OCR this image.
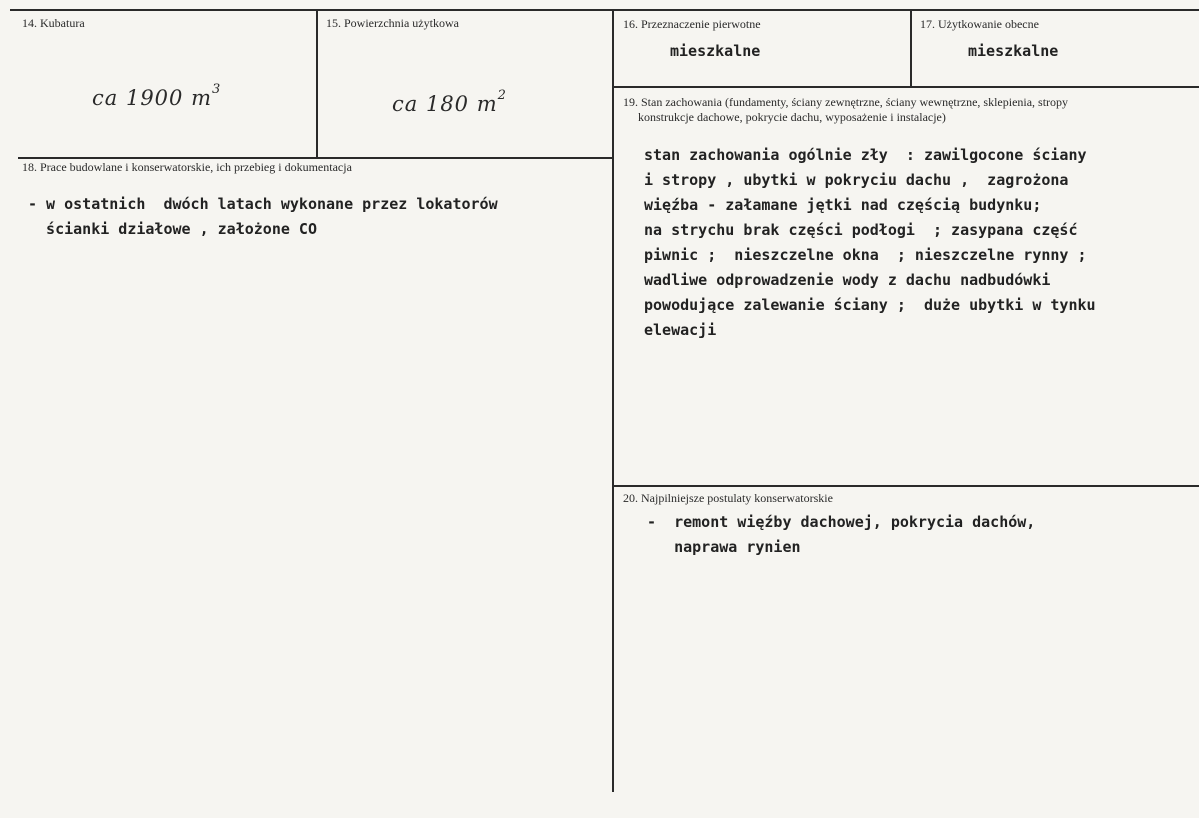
14. Kubatura
ca 1900 $m^3$
15. Powierzchnia użytkowa
ca 180 $m^2$
16. Przeznaczenie pierwotne
mieszkalne
17. Użytkowanie obecne
mieszkalne
18. Prace budowlane i konserwatorskie, ich przebieg i dokumentacja
- w ostatnich  dwóch latach wykonane przez lokatorów
ścianki działowe , założone CO
19. Stan zachowania (fundamenty, ściany zewnętrzne, ściany wewnętrzne, sklepienia, stropy
konstrukcje dachowe, pokrycie dachu, wyposażenie i instalacje)
stan zachowania ogólnie zły  : zawilgocone ściany
i stropy , ubytki w pokryciu dachu ,  zagrożona
więźba - załamane jętki nad częścią budynku;
na strychu brak części podłogi  ; zasypana część
piwnic ;  nieszczelne okna  ; nieszczelne rynny ;
wadliwe odprowadzenie wody z dachu nadbudówki
powodujące zalewanie ściany ;  duże ubytki w tynku
elewacji
20. Najpilniejsze postulaty konserwatorskie
-  remont więźby dachowej, pokrycia dachów,
naprawa rynien
